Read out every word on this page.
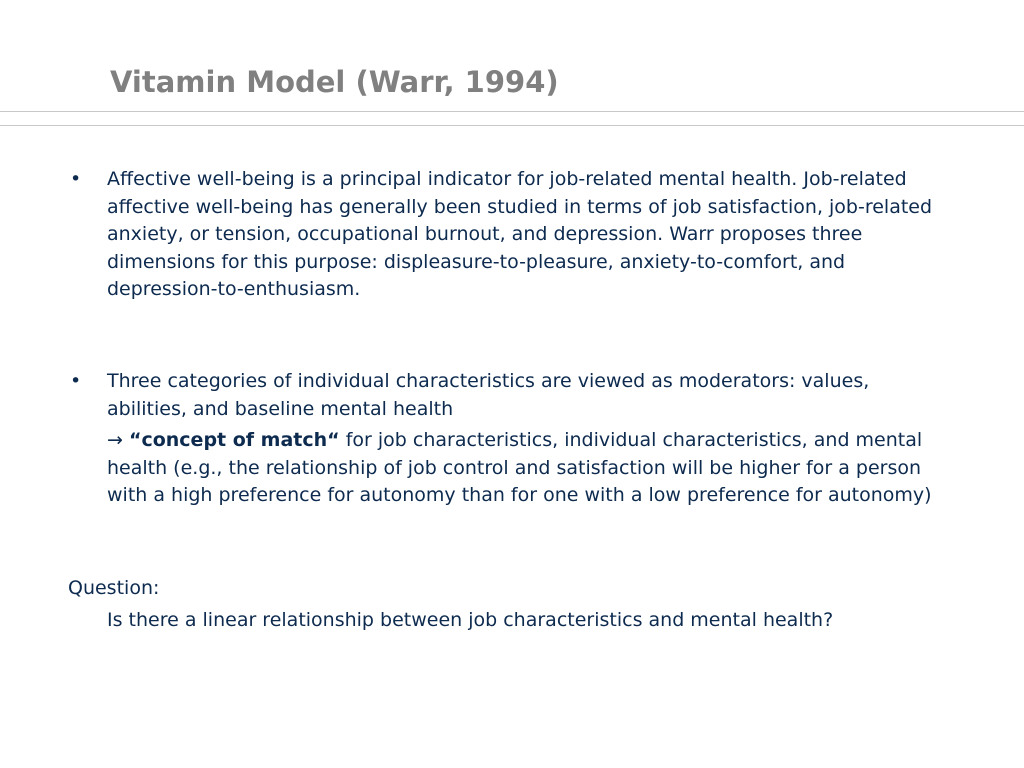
Vitamin Model (Warr, 1994)
•	Affective well-being is a principal indicator for job-related mental health. Job-related affective well-being has generally been studied in terms of job satisfaction, job-related anxiety, or tension, occupational burnout, and depression. Warr proposes three dimensions for this purpose: displeasure-to-pleasure, anxiety-to-comfort, and depression-to-enthusiasm.

•	Three categories of individual characteristics are viewed as moderators: values, abilities, and baseline mental health

→ “concept of match“ for job characteristics, individual characteristics, and mental health (e.g., the relationship of job control and satisfaction will be higher for a person with a high preference for autonomy than for one with a low preference for autonomy)

Question:

Is there a linear relationship between job characteristics and mental health?
